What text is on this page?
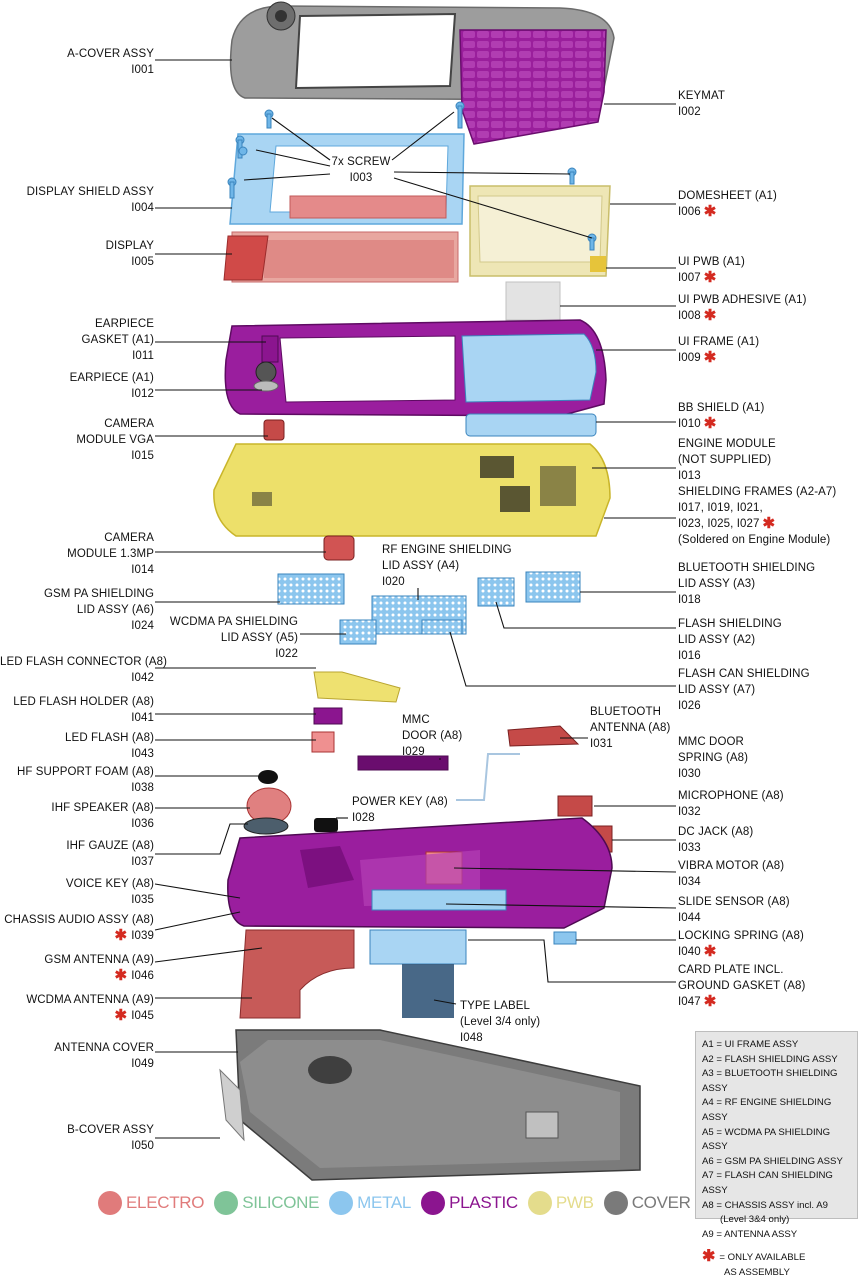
A-COVER ASSY
I001
KEYMAT
I002
7x SCREW
I003
DISPLAY SHIELD ASSY
I004
DISPLAY
I005
DOMESHEET (A1)
I006 ✱
UI PWB (A1)
I007 ✱
UI PWB ADHESIVE (A1)
I008 ✱
EARPIECE
GASKET (A1)
I011
UI FRAME (A1)
I009 ✱
EARPIECE (A1)
I012
BB SHIELD (A1)
I010 ✱
CAMERA
MODULE VGA
I015
ENGINE MODULE
(NOT SUPPLIED)
I013
SHIELDING FRAMES (A2-A7)
I017, I019, I021,
I023, I025, I027 ✱
(Soldered on Engine Module)
CAMERA
MODULE 1.3MP
I014
RF ENGINE SHIELDING
LID ASSY (A4)
I020
BLUETOOTH SHIELDING
LID ASSY (A3)
I018
GSM PA SHIELDING
LID ASSY (A6)
I024	WCDMA PA SHIELDING
LID ASSY (A5)
I022
FLASH SHIELDING
LID ASSY (A2)
I016
LED FLASH CONNECTOR (A8)
I042	FLASH CAN SHIELDING
LID ASSY (A7)
I026
LED FLASH HOLDER (A8)
I041	MMC
DOOR (A8)
I029
BLUETOOTH
ANTENNA (A8)
I031
LED FLASH (A8)
I043
MMC DOOR
SPRING (A8)
I030
HF SUPPORT FOAM (A8)
I038
IHF SPEAKER (A8)
I036
POWER KEY (A8)
I028
MICROPHONE (A8)
I032
IHF GAUZE (A8)
I037
DC JACK (A8)
I033
VIBRA MOTOR (A8)
I034
VOICE KEY (A8)
I035	SLIDE SENSOR (A8)
I044
CHASSIS AUDIO ASSY (A8)
✱ I039	LOCKING SPRING (A8)
I040 ✱
GSM ANTENNA (A9)
✱ I046	CARD PLATE INCL.
GROUND GASKET (A8)
I047 ✱
WCDMA ANTENNA (A9)
✱ I045
TYPE LABEL
(Level 3/4 only)
I048
ANTENNA COVER
I049
B-COVER ASSY
I050
A1 = UI FRAME ASSY
A2 = FLASH SHIELDING ASSY
A3 = BLUETOOTH SHIELDING ASSY
A4 = RF ENGINE SHIELDING ASSY
A5 = WCDMA PA SHIELDING ASSY
A6 = GSM PA SHIELDING ASSY
A7 = FLASH CAN SHIELDING ASSY
A8 = CHASSIS ASSY incl. A9
(Level 3&4 only)
A9 = ANTENNA ASSY
✱ = ONLY AVAILABLE
AS ASSEMBLY
ELECTRO SILICONE METAL PLASTIC PWB COVER
